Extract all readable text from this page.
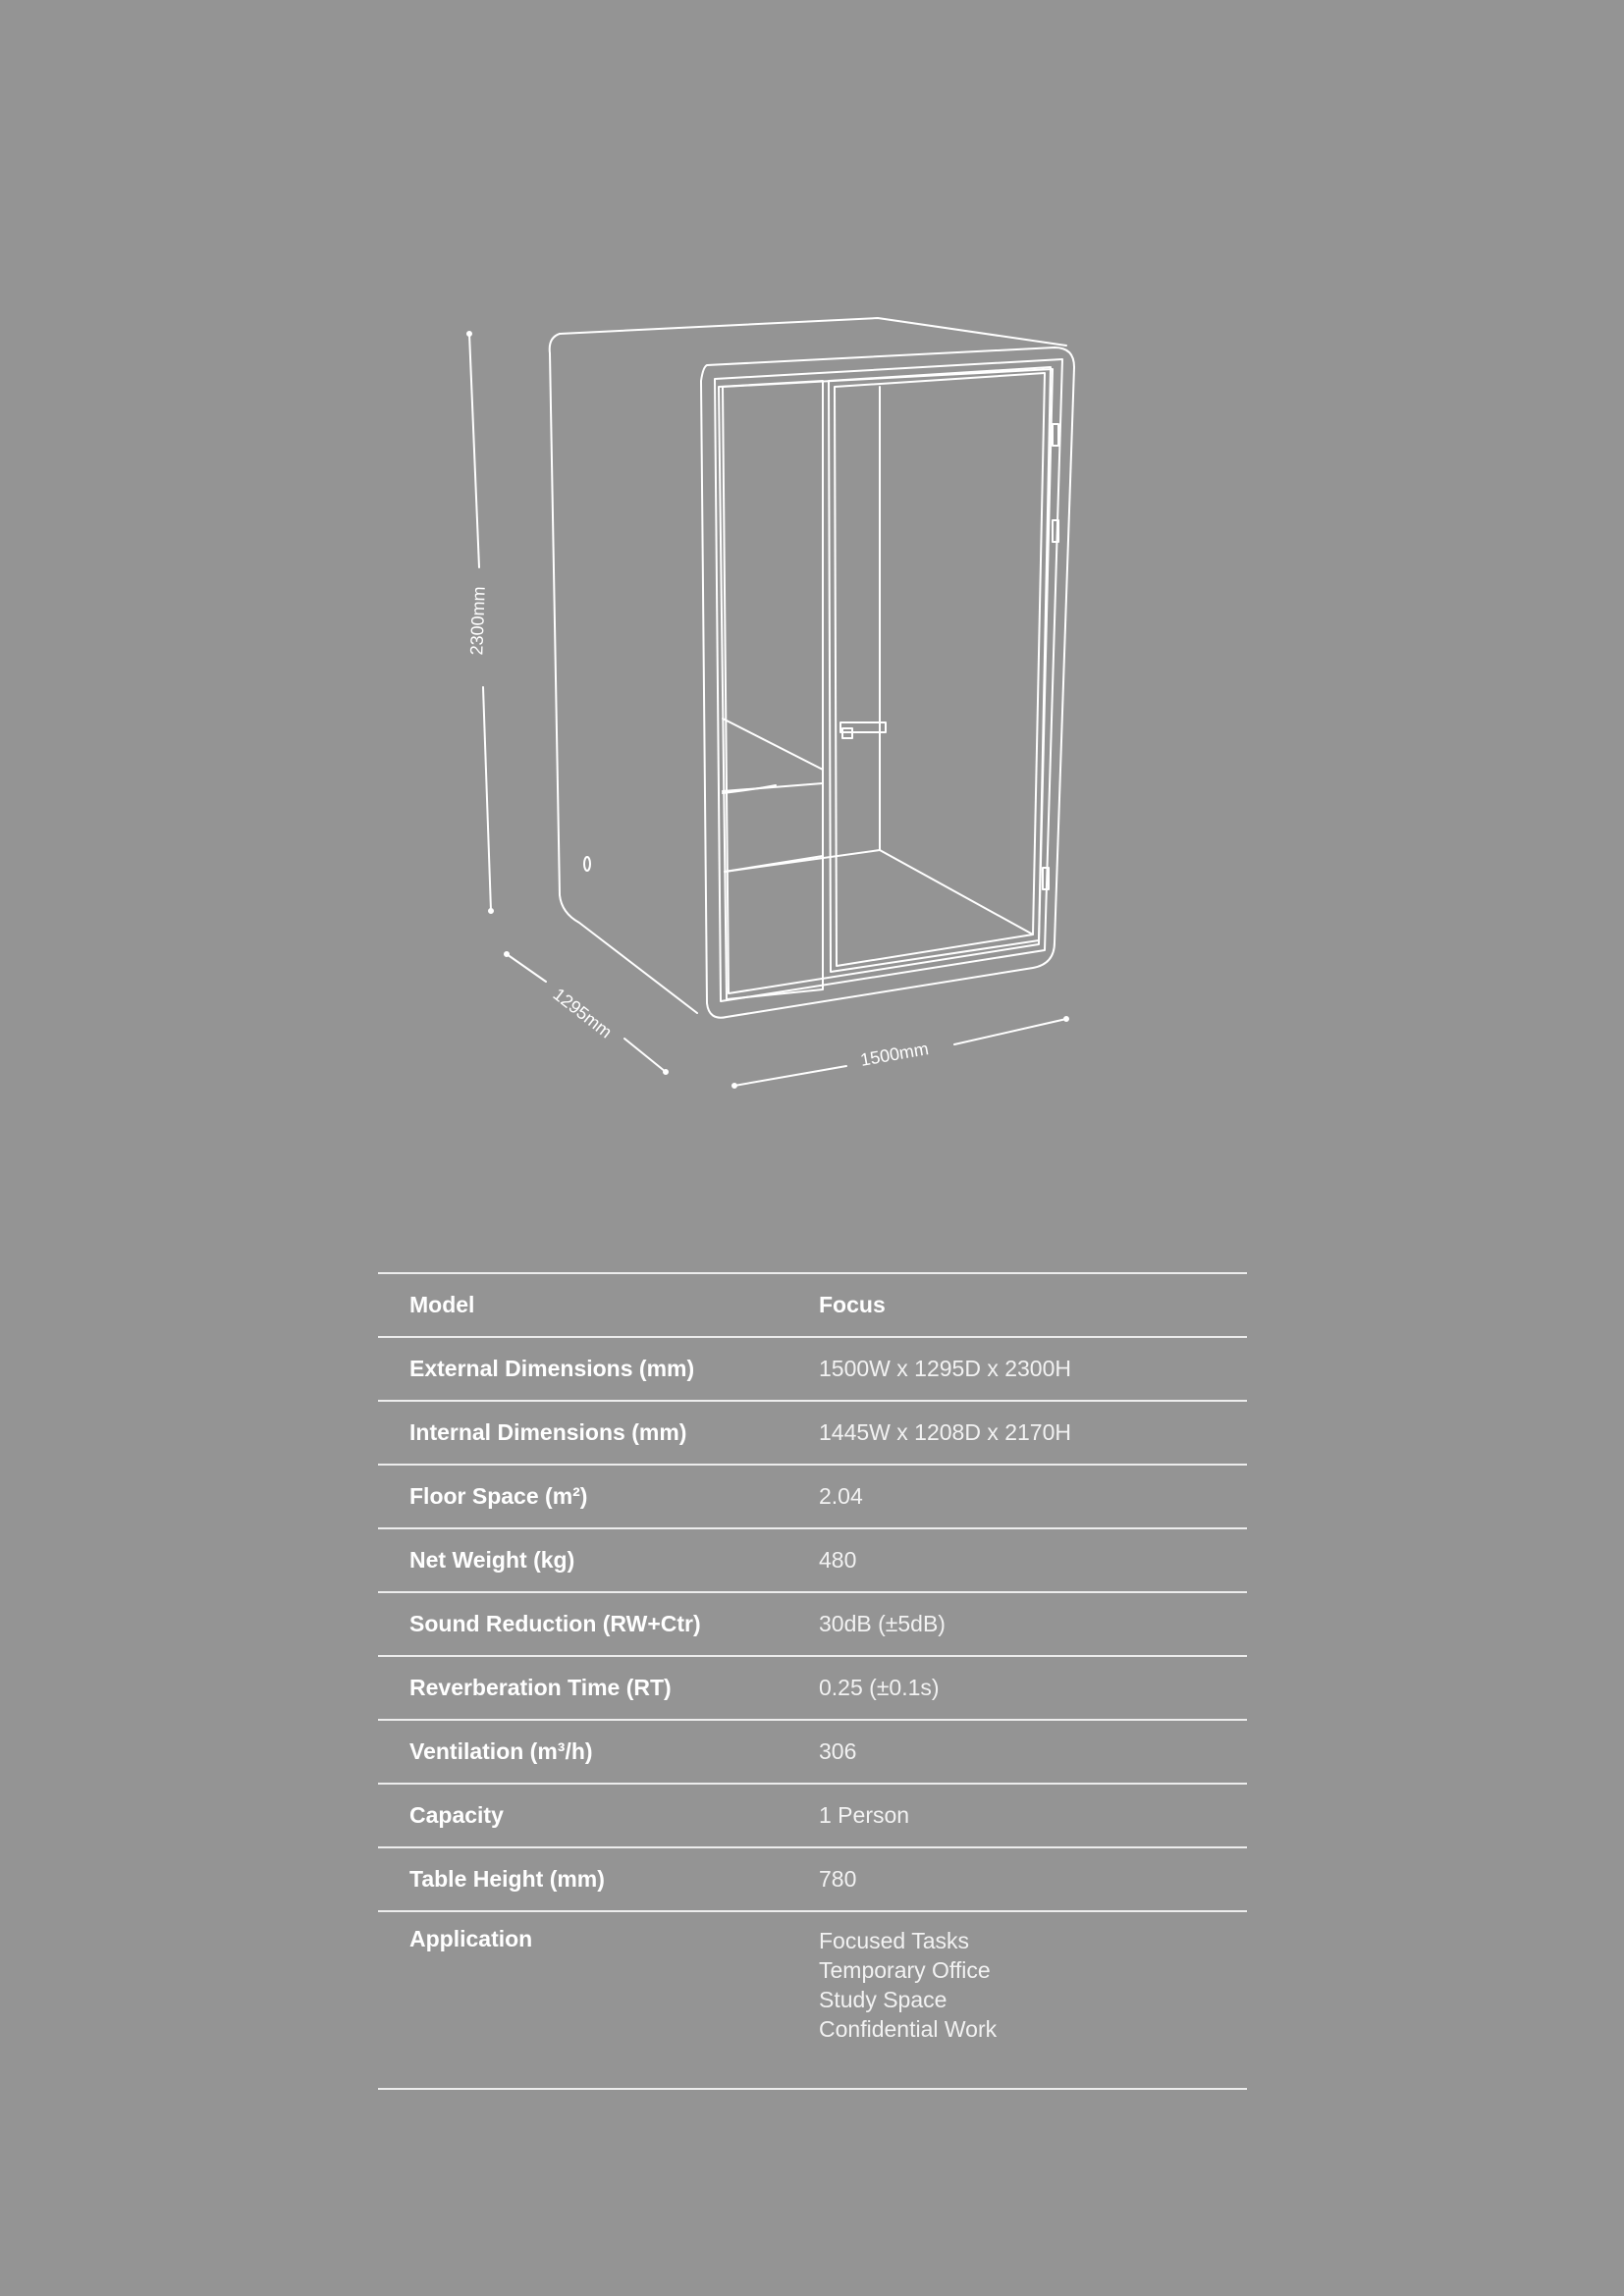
2300mm
1295mm
1500mm
Model	Focus
External Dimensions (mm)	1500W x 1295D x 2300H
Internal Dimensions (mm)	1445W x 1208D x 2170H
Floor Space (m²)	2.04
Net Weight (kg)	480
Sound Reduction (RW+Ctr)	30dB (±5dB)
Reverberation Time (RT)	0.25 (±0.1s)
Ventilation (m³/h)	306
Capacity	1 Person
Table Height (mm)	780
Application	Focused Tasks
Temporary Office
Study Space
Confidential Work
